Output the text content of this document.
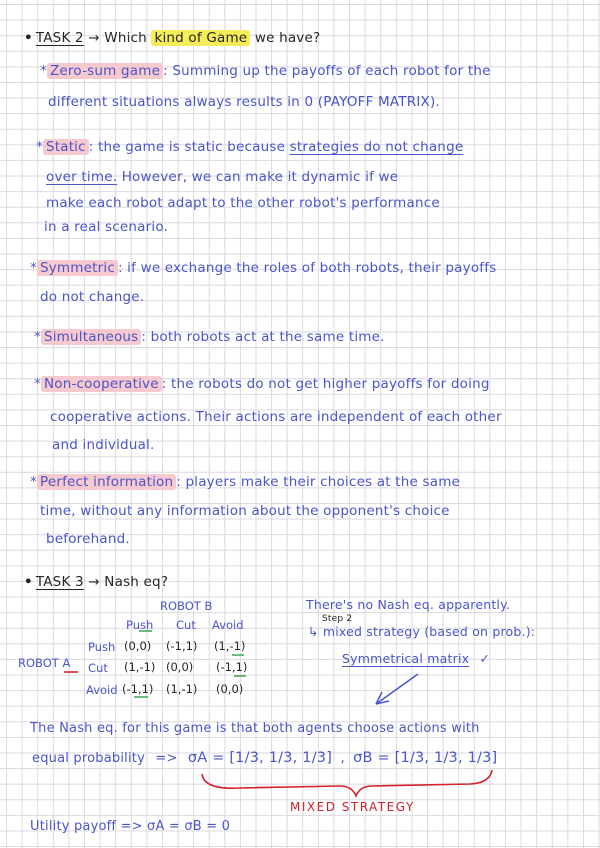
• TASK 2 → Which kind of Game we have?
* Zero-sum game : Summing up the payoffs of each robot for the
different situations always results in 0 (PAYOFF MATRIX).
* Static : the game is static because strategies do not change
over time. However, we can make it dynamic if we
make each robot adapt to the other robot's performance
in a real scenario.
* Symmetric : if we exchange the roles of both robots, their payoffs
do not change.
* Simultaneous : both robots act at the same time.
* Non-cooperative : the robots do not get higher payoffs for doing
cooperative actions. Their actions are independent of each other
and individual.
* Perfect information : players make their choices at the same
time, without any information about the opponent's choice
beforehand.
• TASK 3 → Nash eq?
ROBOT B
Push Cut Avoid
ROBOT A
Push (0,0) (-1,1) (1,-1)
Cut (1,-1) (0,0) (-1,1)
Avoid (-1,1) (1,-1) (0,0)
There's no Nash eq. apparently.
Step 2
↳ mixed strategy (based on prob.):
Symmetrical matrix ✓
The Nash eq. for this game is that both agents choose actions with
equal probability => σA = [1/3, 1/3, 1/3] , σB = [1/3, 1/3, 1/3]
MIXED STRATEGY
Utility payoff => σA = σB = 0
